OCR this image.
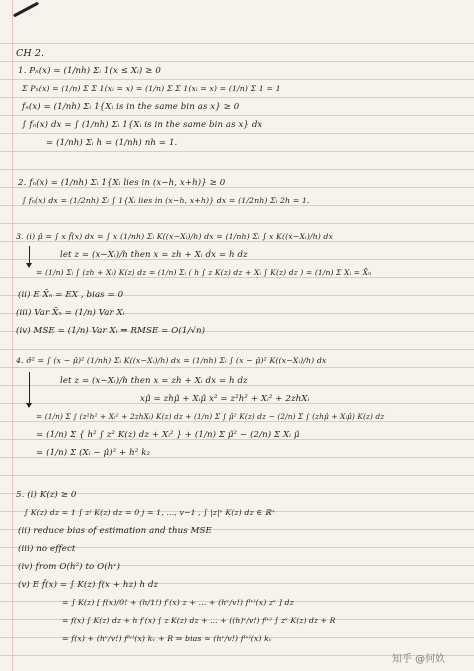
CH 2.
1. Pₙ(x) = (1/nh) Σᵢ 1(x ≤ Xᵢ) ≥ 0
Σ Pₙ(x) = (1/n) Σ Σ 1(xᵢ = x) = (1/n) Σ Σ 1(xᵢ = x) = (1/n) Σ 1 = 1
fₙ(x) = (1/nh) Σᵢ 1{Xᵢ is in the same bin as x} ≥ 0
∫ fₙ(x) dx = ∫ (1/nh) Σᵢ 1{Xᵢ is in the same bin as x} dx
= (1/nh) Σᵢ h = (1/nh) nh = 1.
2. fₙ(x) = (1/nh) Σᵢ 1{Xᵢ lies in (x−h, x+h)} ≥ 0
∫ fₙ(x) dx = (1/2nh) Σᵢ ∫ 1{Xᵢ lies in (x−h, x+h)} dx = (1/2nh) Σᵢ 2h = 1.
3. (i) μ̂ = ∫ x f̂(x) dx = ∫ x (1/nh) Σᵢ K((x−Xᵢ)/h) dx = (1/nh) Σᵢ ∫ x K((x−Xᵢ)/h) dx
let z = (x−Xᵢ)/h then x = zh + Xᵢ dx = h dz
= (1/n) Σᵢ ∫ (zh + Xᵢ) K(z) dz = (1/n) Σᵢ ( h ∫ z K(z) dz + Xᵢ ∫ K(z) dz ) = (1/n) Σ Xᵢ = X̄ₙ
(ii) E X̄ₙ = EX , bias = 0
(iii) Var X̄ₙ = (1/n) Var Xᵢ
(iv) MSE = (1/n) Var Xᵢ ⇒ RMSE = O(1/√n)
4. σ̂² = ∫ (x − μ̂)² (1/nh) Σᵢ K((x−Xᵢ)/h) dx = (1/nh) Σᵢ ∫ (x − μ̂)² K((x−Xᵢ)/h) dx
let z = (x−Xᵢ)/h then x = zh + Xᵢ dx = h dz
xμ̂ = zhμ̂ + Xᵢμ̂ x² = z²h² + Xᵢ² + 2zhXᵢ
= (1/n) Σ ∫ (z²h² + Xᵢ² + 2zhXᵢ) K(z) dz + (1/n) Σ ∫ μ̂² K(z) dz − (2/n) Σ ∫ (zhμ̂ + Xᵢμ̂) K(z) dz
= (1/n) Σ { h² ∫ z² K(z) dz + Xᵢ² } + (1/n) Σ μ̂² − (2/n) Σ Xᵢ μ̂
= (1/n) Σ (Xᵢ − μ̂)² + h² k₂
5. (i) K(z) ≥ 0
∫ K(z) dz = 1 ∫ zʲ K(z) dz = 0 j = 1, …, v−1 , ∫ |z|ᵛ K(z) dz ∈ ℝ⁺
(ii) reduce bias of estimation and thus MSE
(iii) no effect
(iv) from O(h²) to O(hᵛ)
(v) E f̂(x) = ∫ K(z) f(x + hz) h dz
= ∫ K(z) [ f(x)/0! + (h/1!) f′(x) z + … + (hᵛ/v!) f⁽ᵛ⁾(x) zᵛ ] dz
= f(x) ∫ K(z) dz + h f′(x) ∫ z K(z) dz + … + ((h)ᵛ/v!) f⁽ᵛ⁾ ∫ zᵛ K(z) dz + R
= f(x) + (hᵛ/v!) f⁽ᵛ⁾(x) kᵥ + R ⇒ bias ≈ (hᵛ/v!) f⁽ᵛ⁾(x) kᵥ
知乎 @何奺
